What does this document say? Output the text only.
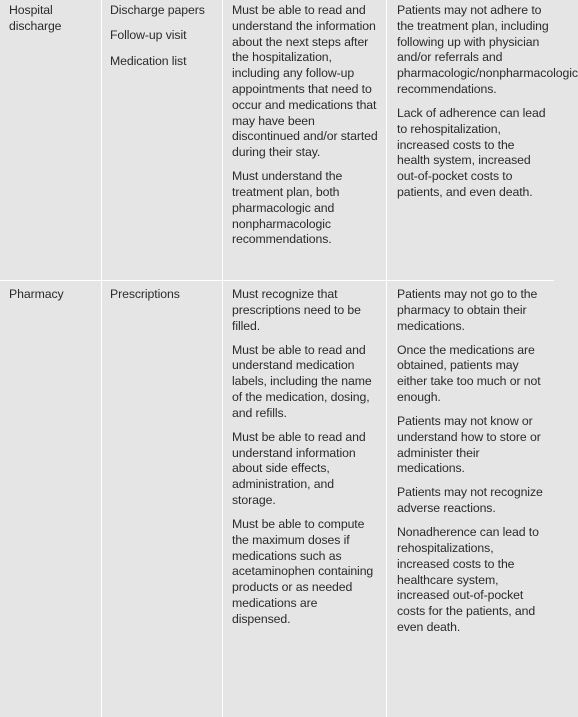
Hospital discharge

Discharge papers

Follow-up visit

Medication list

Must be able to read and understand the information about the next steps after the hospitalization, including any follow-up appointments that need to occur and medications that may have been discontinued and/or started during their stay.

Must understand the treatment plan, both pharmacologic and nonpharmacologic recommendations.

Patients may not adhere to the treatment plan, including following up with physician and/or referrals and pharmacologic/nonpharmacologic recommendations.

Lack of adherence can lead to rehospitalization, increased costs to the health system, increased out-of-pocket costs to patients, and even death.

Pharmacy	Prescriptions	Must recognize that prescriptions need to be filled.

Must be able to read and understand medication labels, including the name of the medication, dosing, and refills.

Must be able to read and understand information about side effects, administration, and storage.

Must be able to compute the maximum doses if medications such as acetaminophen containing products or as needed medications are dispensed.

Patients may not go to the pharmacy to obtain their medications.

Once the medications are obtained, patients may either take too much or not enough.

Patients may not know or understand how to store or administer their medications.

Patients may not recognize adverse reactions.

Nonadherence can lead to rehospitalizations, increased costs to the healthcare system, increased out-of-pocket costs for the patients, and even death.
